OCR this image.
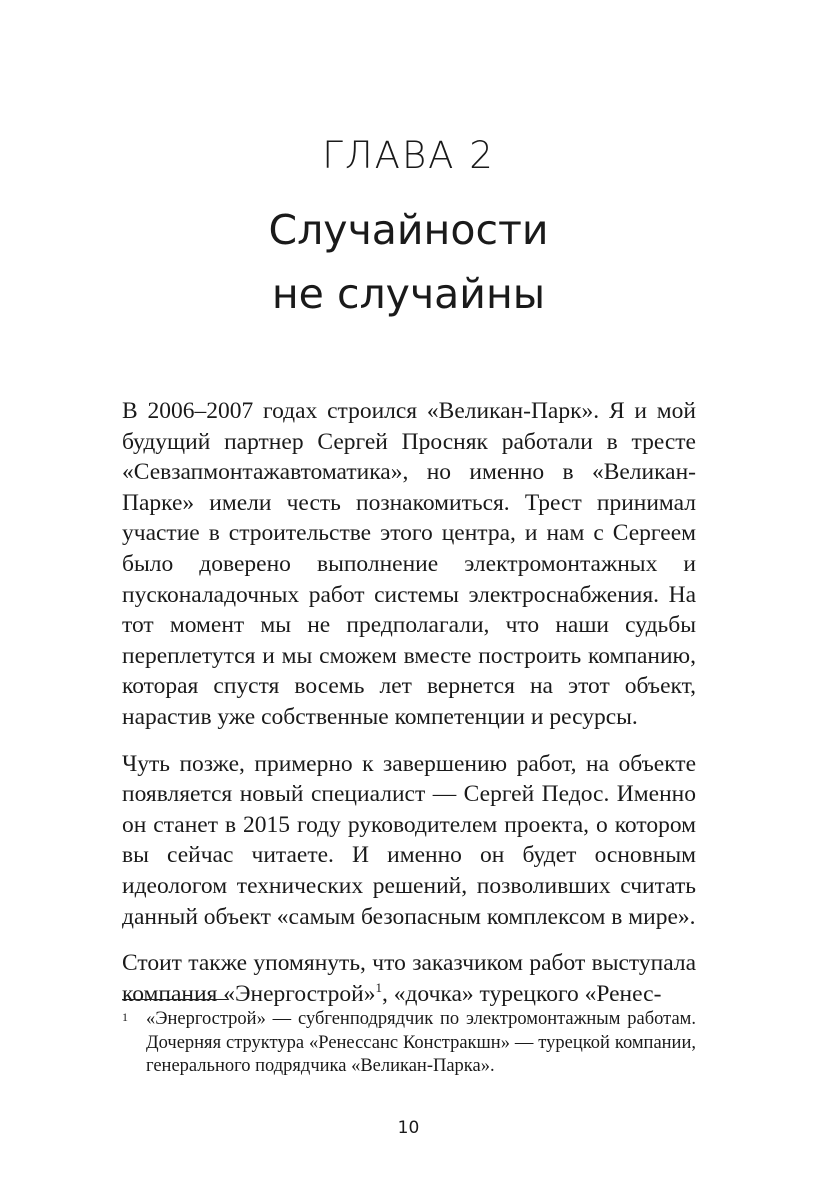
ГЛАВА 2
Случайности
не случайны

В 2006–2007 годах строился «Великан-Парк». Я и мой будущий партнер Сергей Просняк работали в тресте «Севзапмонтажавтоматика», но именно в «Великан-Парке» имели честь познакомиться. Трест принимал участие в строительстве этого центра, и нам с Сергеем было доверено выполнение электромонтажных и пусконаладочных работ системы электроснабжения. На тот момент мы не предполагали, что наши судьбы переплетутся и мы сможем вместе построить компанию, которая спустя восемь лет вернется на этот объект, нарастив уже собственные компетенции и ресурсы.

Чуть позже, примерно к завершению работ, на объекте появляется новый специалист — Сергей Педос. Именно он станет в 2015 году руководителем проекта, о котором вы сейчас читаете. И именно он будет основным идеологом технических решений, позволивших считать данный объект «самым безопасным комплексом в мире».

Стоит также упомянуть, что заказчиком работ выступала компания «Энергострой»$^1$, «дочка» турецкого «Ренес-

1 «Энергострой» — субгенподрядчик по электромонтажным работам. Дочерняя структура «Ренессанс Констракшн» — турецкой компании, генерального подрядчика «Великан-Парка».
10
